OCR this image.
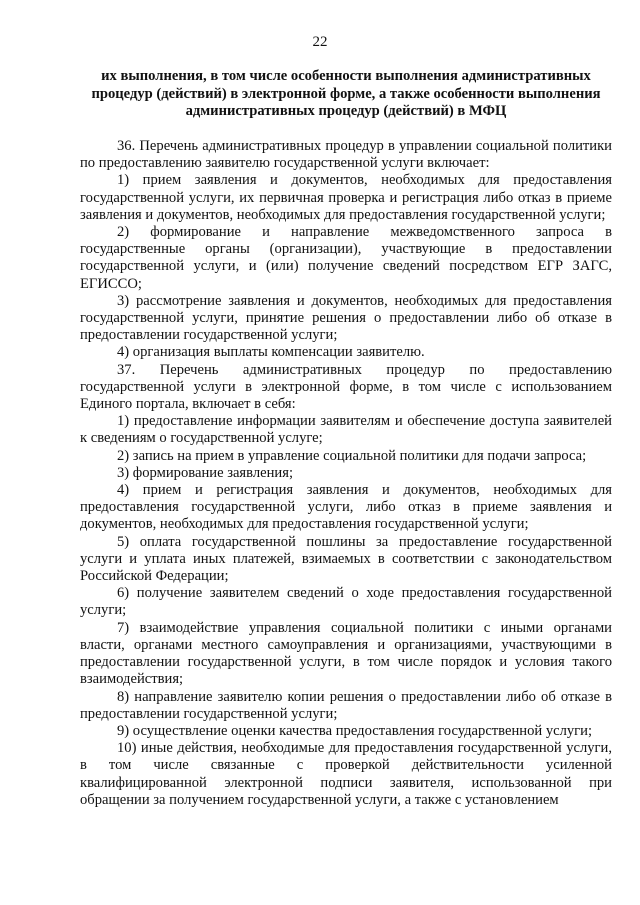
22
их выполнения, в том числе особенности выполнения административных процедур (действий) в электронной форме, а также особенности выполнения административных процедур (действий) в МФЦ

36. Перечень административных процедур в управлении социальной политики по предоставлению заявителю государственной услуги включает:

1) прием заявления и документов, необходимых для предоставления государственной услуги, их первичная проверка и регистрация либо отказ в приеме заявления и документов, необходимых для предоставления государственной услуги;

2) формирование и направление межведомственного запроса в государственные органы (организации), участвующие в предоставлении государственной услуги, и (или) получение сведений посредством ЕГР ЗАГС, ЕГИССО;

3) рассмотрение заявления и документов, необходимых для предоставления государственной услуги, принятие решения о предоставлении либо об отказе в предоставлении государственной услуги;

4) организация выплаты компенсации заявителю.

37. Перечень административных процедур по предоставлению государственной услуги в электронной форме, в том числе с использованием Единого портала, включает в себя:

1) предоставление информации заявителям и обеспечение доступа заявителей к сведениям о государственной услуге;

2) запись на прием в управление социальной политики для подачи запроса;

3) формирование заявления;

4) прием и регистрация заявления и документов, необходимых для предоставления государственной услуги, либо отказ в приеме заявления и документов, необходимых для предоставления государственной услуги;

5) оплата государственной пошлины за предоставление государственной услуги и уплата иных платежей, взимаемых в соответствии с законодательством Российской Федерации;

6) получение заявителем сведений о ходе предоставления государственной услуги;

7) взаимодействие управления социальной политики с иными органами власти, органами местного самоуправления и организациями, участвующими в предоставлении государственной услуги, в том числе порядок и условия такого взаимодействия;

8) направление заявителю копии решения о предоставлении либо об отказе в предоставлении государственной услуги;

9) осуществление оценки качества предоставления государственной услуги;

10) иные действия, необходимые для предоставления государственной услуги, в том числе связанные с проверкой действительности усиленной квалифицированной электронной подписи заявителя, использованной при обращении за получением государственной услуги, а также с установлением
